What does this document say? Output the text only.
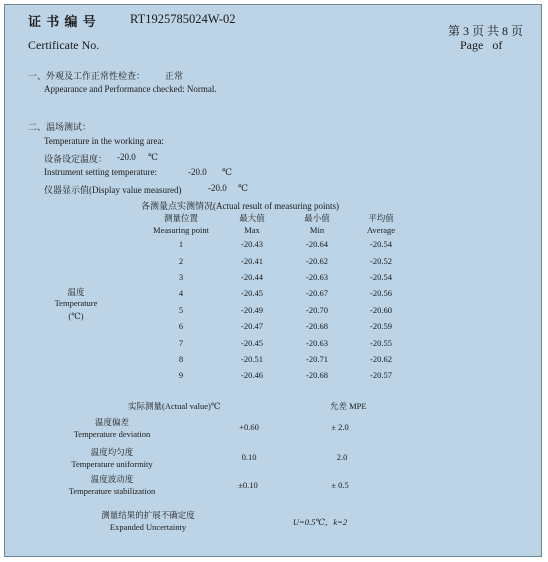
证 书 编 号	RT1925785024W-02
Certificate No.
第 3 页 共 8 页
Page of
一、外观及工作正常性检查： 正常
Appearance and Performance checked: Normal.
二、温场测试：
Temperature in the working area:
设备设定温度： -20.0 ℃
Instrument setting temperature:	-20.0 ℃
仪器显示值(Display value measured)	-20.0 ℃
各测量点实测情况(Actual result of measuring points)
温度
Temperature
(℃)
测量位置	最大值	最小值	平均值
Measuring point	Max	Min	Average
1	-20.43	-20.64	-20.54
2	-20.41	-20.62	-20.52
3	-20.44	-20.63	-20.54
4	-20.45	-20.67	-20.56
5	-20.49	-20.70	-20.60
6	-20.47	-20.68	-20.59
7	-20.45	-20.63	-20.55
8	-20.51	-20.71	-20.62
9	-20.46	-20.68	-20.57
实际测量(Actual value)℃	允差 MPE
温度偏差
Temperature deviation
+0.60	± 2.0
温度均匀度
Temperature uniformity
0.10	2.0
温度波动度
Temperature stabilization
±0.10	± 0.5
测量结果的扩展不确定度
Expanded Uncertainty	U=0.5℃，k=2
